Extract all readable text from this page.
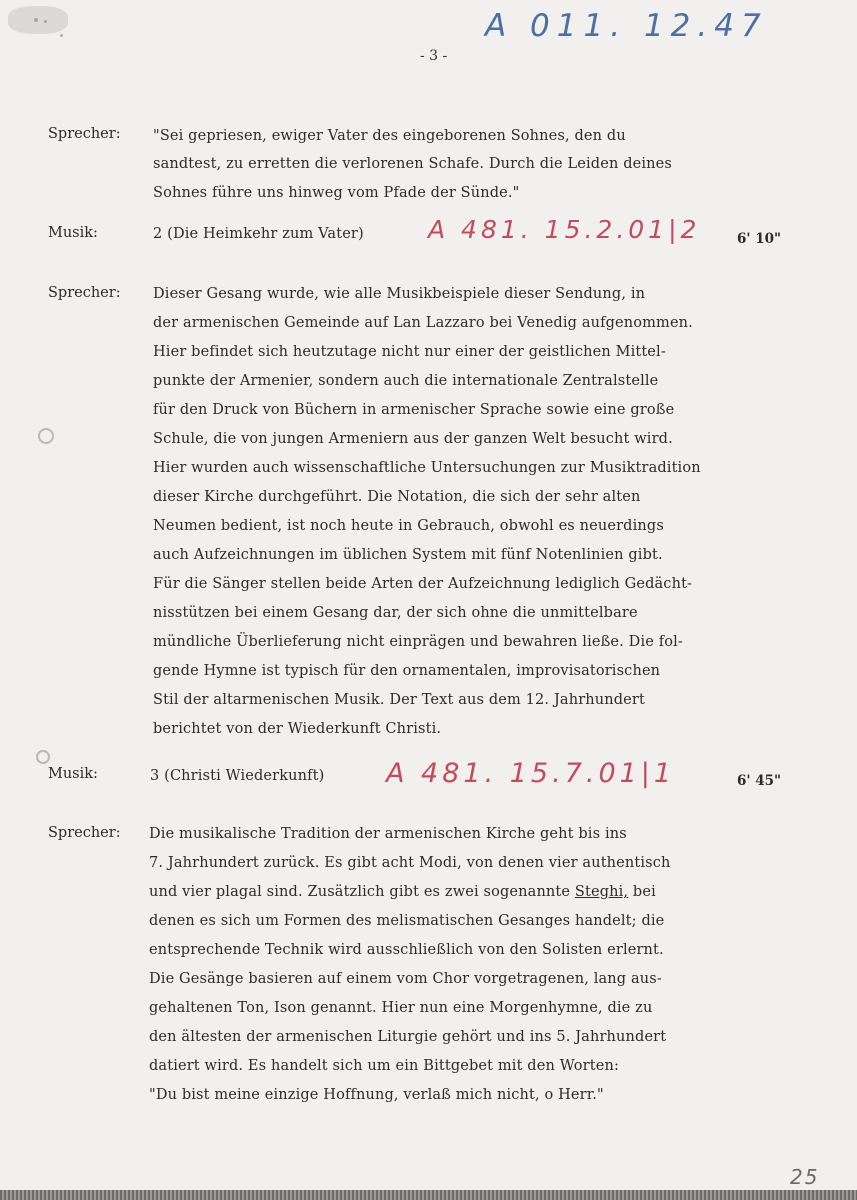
A 011. 12.47
- 3 -
Sprecher: "Sei gepriesen, ewiger Vater des eingeborenen Sohnes, den du
sandtest, zu erretten die verlorenen Schafe. Durch die Leiden deines
Sohnes führe uns hinweg vom Pfade der Sünde."
Musik:	2 (Die Heimkehr zum Vater)	A 481. 15.2.01|2	6' 10"
Sprecher: Dieser Gesang wurde, wie alle Musikbeispiele dieser Sendung, in
der armenischen Gemeinde auf Lan Lazzaro bei Venedig aufgenommen.
Hier befindet sich heutzutage nicht nur einer der geistlichen Mittel-
punkte der Armenier, sondern auch die internationale Zentralstelle
für den Druck von Büchern in armenischer Sprache sowie eine große
Schule, die von jungen Armeniern aus der ganzen Welt besucht wird.
Hier wurden auch wissenschaftliche Untersuchungen zur Musiktradition
dieser Kirche durchgeführt. Die Notation, die sich der sehr alten
Neumen bedient, ist noch heute in Gebrauch, obwohl es neuerdings
auch Aufzeichnungen im üblichen System mit fünf Notenlinien gibt.
Für die Sänger stellen beide Arten der Aufzeichnung lediglich Gedächt-
nisstützen bei einem Gesang dar, der sich ohne die unmittelbare
mündliche Überlieferung nicht einprägen und bewahren ließe. Die fol-
gende Hymne ist typisch für den ornamentalen, improvisatorischen
Stil der altarmenischen Musik. Der Text aus dem 12. Jahrhundert
berichtet von der Wiederkunft Christi.
Musik:	3 (Christi Wiederkunft) A 481. 15.7.01|1	6' 45"
Sprecher: Die musikalische Tradition der armenischen Kirche geht bis ins
7. Jahrhundert zurück. Es gibt acht Modi, von denen vier authentisch
und vier plagal sind. Zusätzlich gibt es zwei sogenannte Steghi, bei
denen es sich um Formen des melismatischen Gesanges handelt; die
entsprechende Technik wird ausschließlich von den Solisten erlernt.
Die Gesänge basieren auf einem vom Chor vorgetragenen, lang aus-
gehaltenen Ton, Ison genannt. Hier nun eine Morgenhymne, die zu
den ältesten der armenischen Liturgie gehört und ins 5. Jahrhundert
datiert wird. Es handelt sich um ein Bittgebet mit den Worten:
"Du bist meine einzige Hoffnung, verlaß mich nicht, o Herr."
25
